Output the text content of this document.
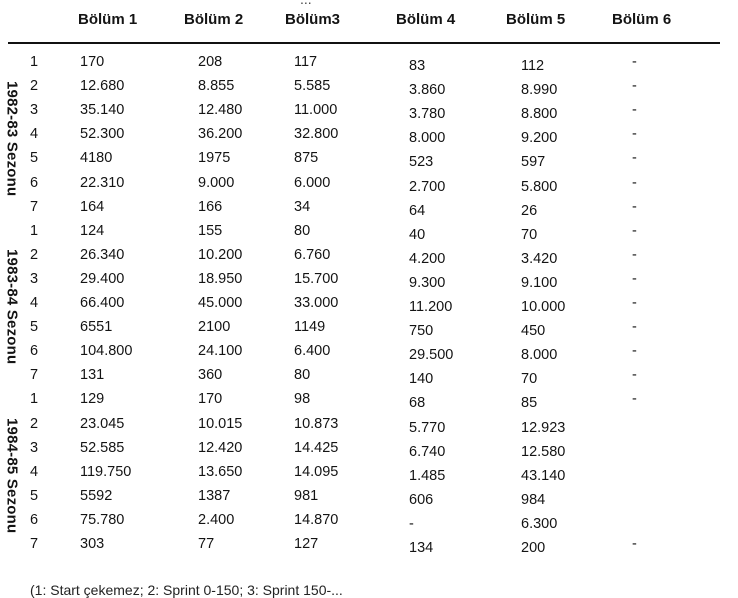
Bölüm 1	Bölüm 2	Bölüm3	Bölüm 4	Bölüm 5	Bölüm 6
1982-83 Sezonu
1	170	208	117	83	112	-
2	12.680	8.855	5.585	3.860	8.990	-
3	35.140	12.480	11.000	3.780	8.800	-
4	52.300	36.200	32.800	8.000	9.200	-
5	4180	1975	875	523	597	-
6	22.310	9.000	6.000	2.700	5.800	-
7	164	166	34	64	26	-
1983-84 Sezonu
1	124	155	80	40	70	-
2	26.340	10.200	6.760	4.200	3.420	-
3	29.400	18.950	15.700	9.300	9.100	-
4	66.400	45.000	33.000	11.200	10.000	-
5	6551	2100	1149	750	450	-
6	104.800	24.100	6.400	29.500	8.000	-
7	131	360	80	140	70	-
1984-85 Sezonu
1	129	170	98	68	85	-
2	23.045	10.015	10.873	5.770	12.923
3	52.585	12.420	14.425	6.740	12.580
4	119.750	13.650	14.095	1.485	43.140
5	5592	1387	981	606	984
6	75.780	2.400	14.870	-	6.300
7	303	77	127	134	200	-
(1: Start çekemez; 2: Sprint 0-150; 3: Sprint 150-...
